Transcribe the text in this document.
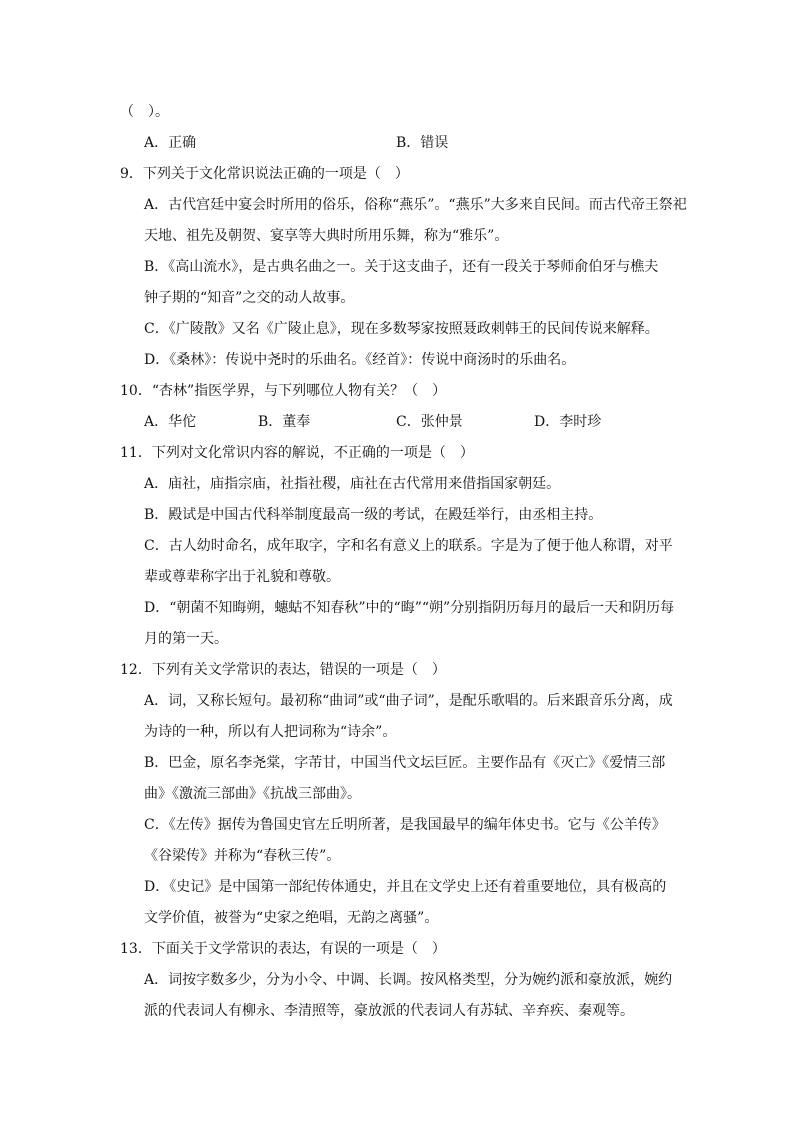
（　）。
A．正确	B．错误
9．下列关于文化常识说法正确的一项是（　）
A．古代宫廷中宴会时所用的俗乐，俗称“燕乐”。“燕乐”大多来自民间。而古代帝王祭祀
天地、祖先及朝贺、宴享等大典时所用乐舞，称为“雅乐”。
B．《高山流水》，是古典名曲之一。关于这支曲子，还有一段关于琴师俞伯牙与樵夫
钟子期的“知音”之交的动人故事。
C．《广陵散》又名《广陵止息》，现在多数琴家按照聂政刺韩王的民间传说来解释。
D．《桑林》：传说中尧时的乐曲名。《经首》：传说中商汤时的乐曲名。
10．“杏林”指医学界，与下列哪位人物有关？（　）
A．华佗	B．董奉	C．张仲景	D．李时珍
11．下列对文化常识内容的解说，不正确的一项是（　）
A．庙社，庙指宗庙，社指社稷，庙社在古代常用来借指国家朝廷。
B．殿试是中国古代科举制度最高一级的考试，在殿廷举行，由丞相主持。
C．古人幼时命名，成年取字，字和名有意义上的联系。字是为了便于他人称谓，对平
辈或尊辈称字出于礼貌和尊敬。
D．“朝菌不知晦朔，蟪蛄不知春秋”中的“晦”“朔”分别指阴历每月的最后一天和阴历每
月的第一天。
12．下列有关文学常识的表达，错误的一项是（　）
A．词，又称长短句。最初称“曲词”或“曲子词”，是配乐歌唱的。后来跟音乐分离，成
为诗的一种，所以有人把词称为“诗余”。
B．巴金，原名李尧棠，字芾甘，中国当代文坛巨匠。主要作品有《灭亡》《爱情三部
曲》《激流三部曲》《抗战三部曲》。
C．《左传》据传为鲁国史官左丘明所著，是我国最早的编年体史书。它与《公羊传》
《谷梁传》并称为“春秋三传”。
D．《史记》是中国第一部纪传体通史，并且在文学史上还有着重要地位，具有极高的
文学价值，被誉为“史家之绝唱，无韵之离骚”。
13．下面关于文学常识的表达，有误的一项是（　）
A．词按字数多少，分为小令、中调、长调。按风格类型，分为婉约派和豪放派，婉约
派的代表词人有柳永、李清照等，豪放派的代表词人有苏轼、辛弃疾、秦观等。
